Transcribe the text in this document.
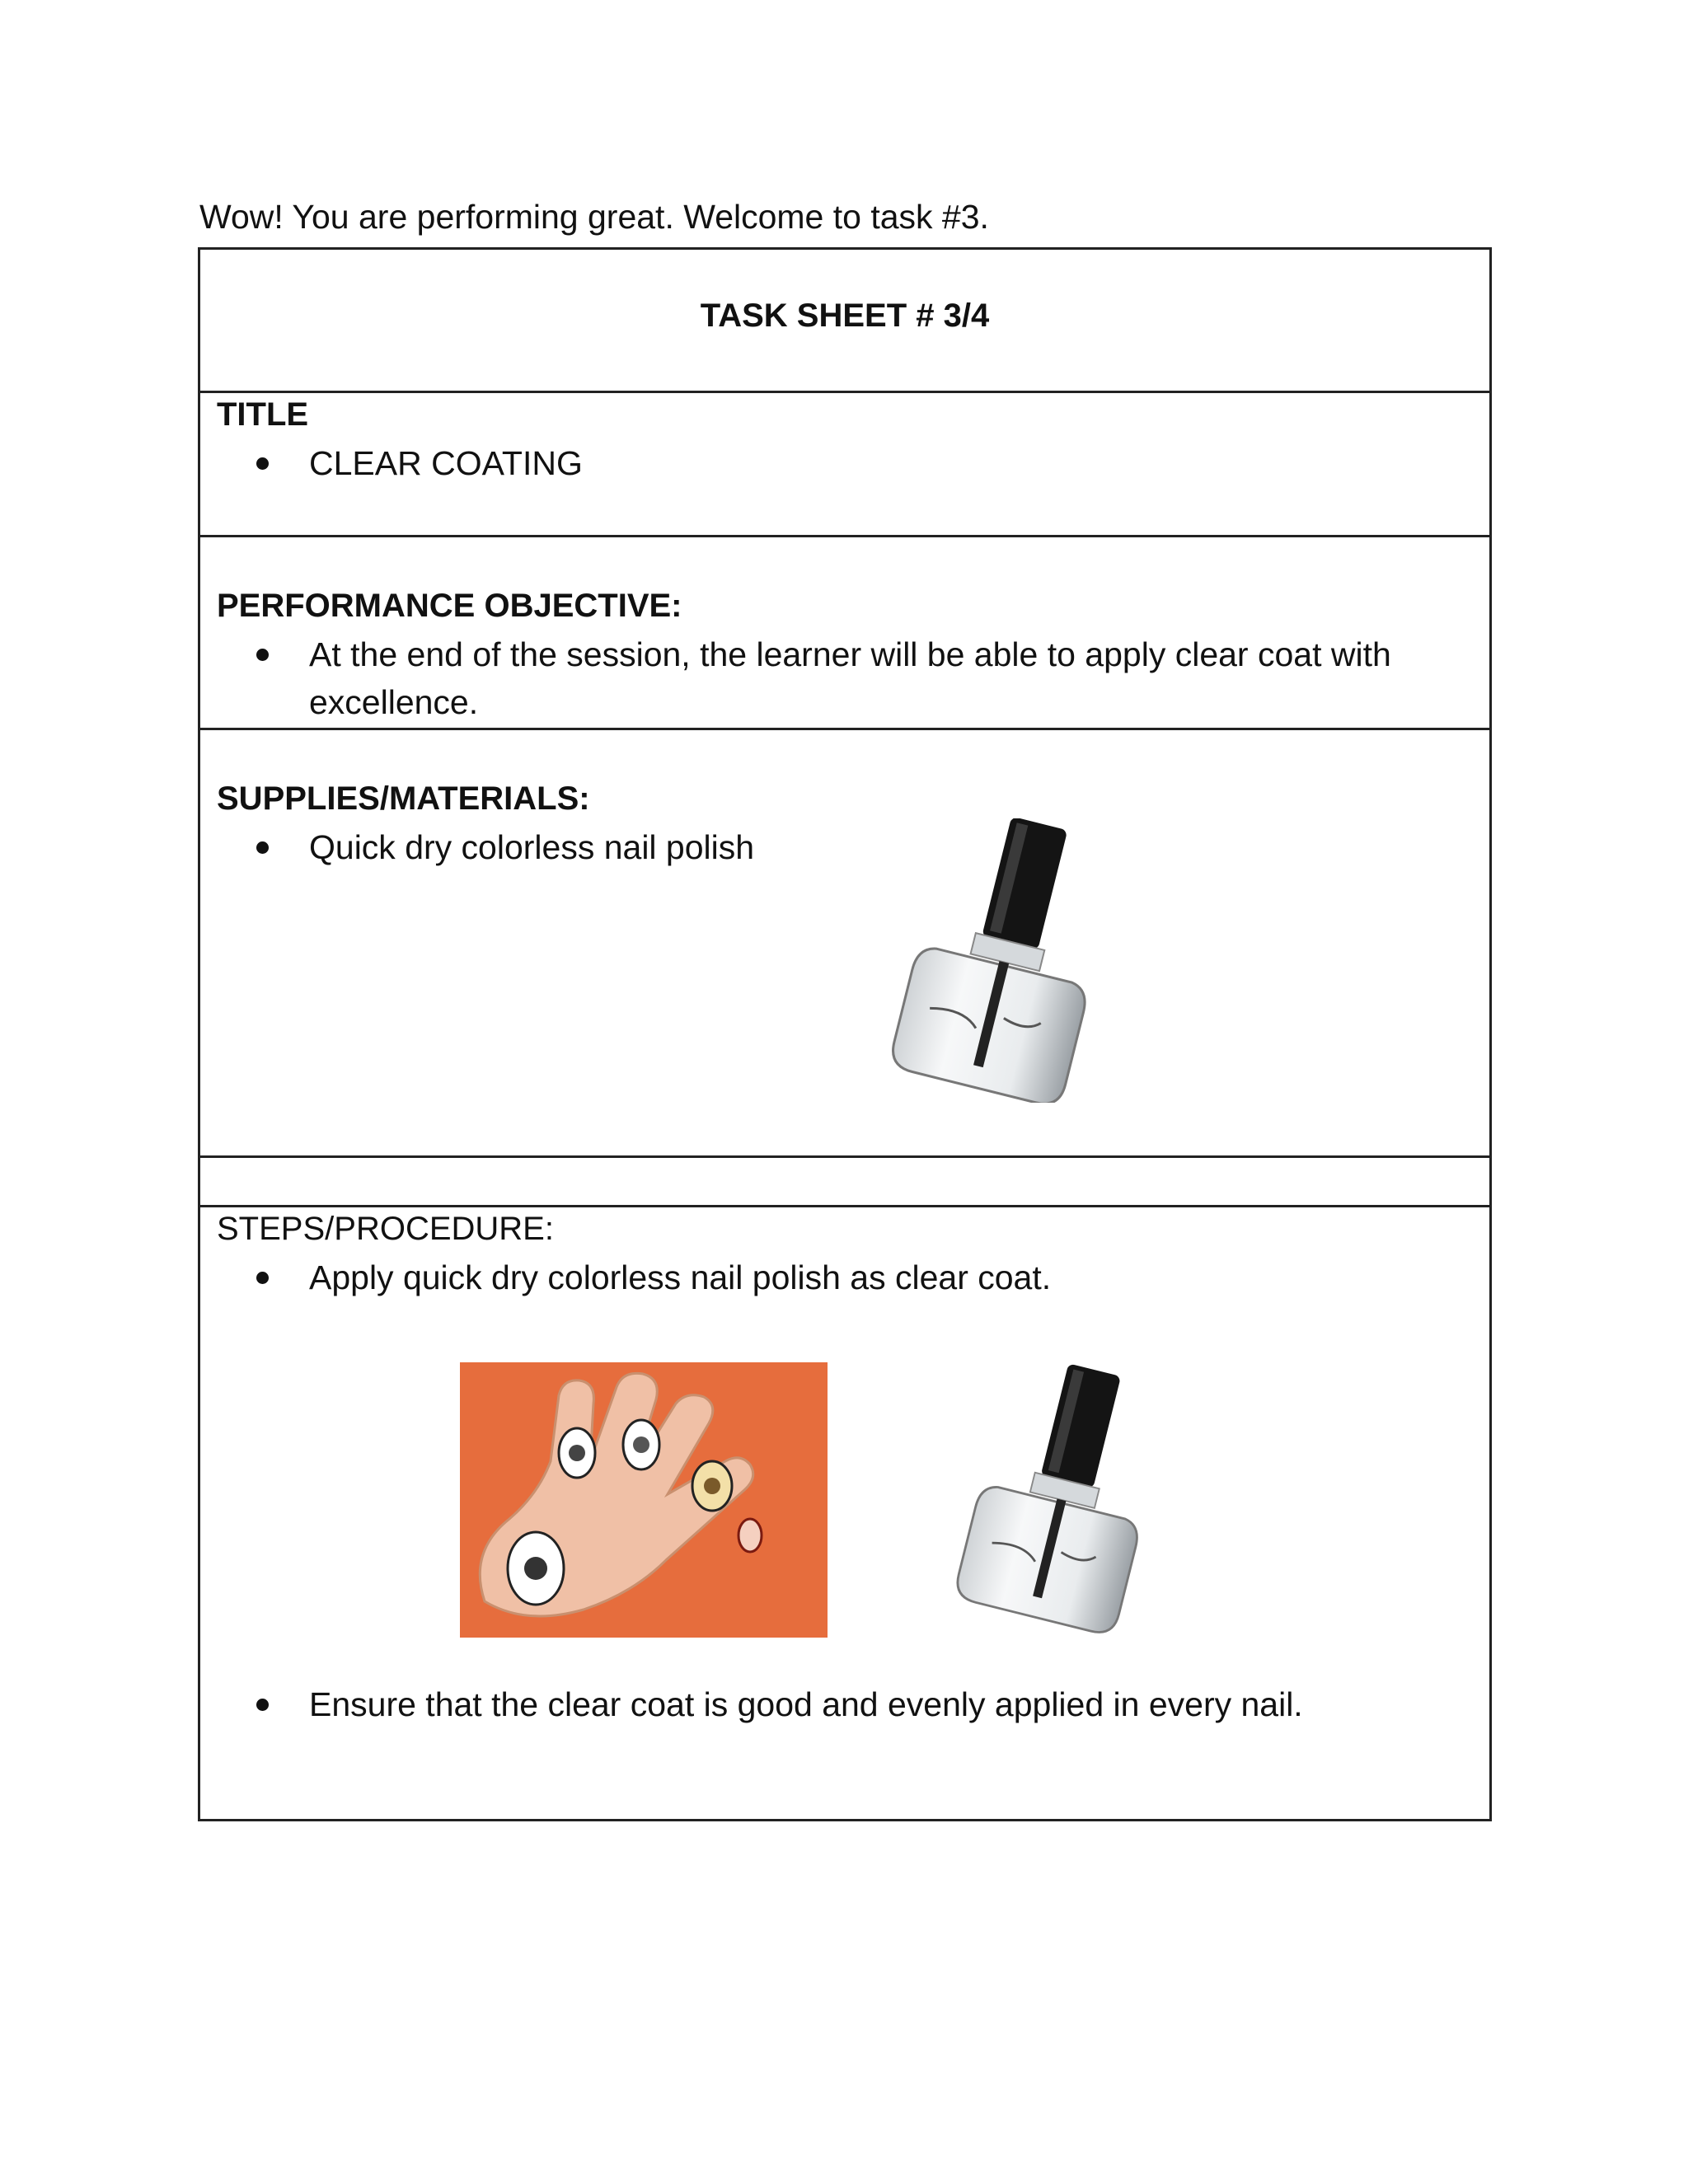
Wow! You are performing great. Welcome to task #3.
TASK SHEET # 3/4
TITLE
CLEAR COATING
PERFORMANCE OBJECTIVE:
At the end of the session, the learner will be able to apply clear coat with excellence.
SUPPLIES/MATERIALS:
Quick dry colorless nail polish
STEPS/PROCEDURE:
Apply quick dry colorless nail polish as clear coat.
Ensure that the clear coat is good and evenly applied in every nail.
